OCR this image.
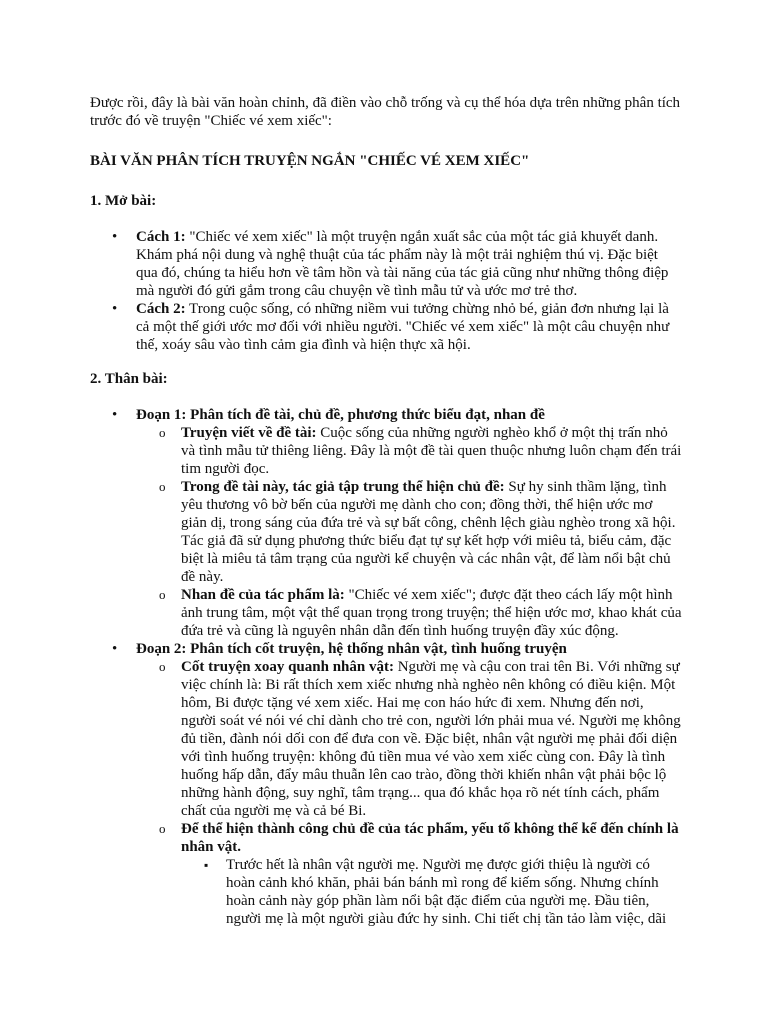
Được rồi, đây là bài văn hoàn chỉnh, đã điền vào chỗ trống và cụ thể hóa dựa trên những phân tích trước đó về truyện "Chiếc vé xem xiếc":

BÀI VĂN PHÂN TÍCH TRUYỆN NGẮN "CHIẾC VÉ XEM XIẾC"

1. Mở bài:

• Cách 1: "Chiếc vé xem xiếc" là một truyện ngắn xuất sắc của một tác giả khuyết danh. Khám phá nội dung và nghệ thuật của tác phẩm này là một trải nghiệm thú vị. Đặc biệt qua đó, chúng ta hiểu hơn về tâm hồn và tài năng của tác giả cũng như những thông điệp mà người đó gửi gắm trong câu chuyện về tình mẫu tử và ước mơ trẻ thơ.
• Cách 2: Trong cuộc sống, có những niềm vui tưởng chừng nhỏ bé, giản đơn nhưng lại là cả một thế giới ước mơ đối với nhiều người. "Chiếc vé xem xiếc" là một câu chuyện như thế, xoáy sâu vào tình cảm gia đình và hiện thực xã hội.

2. Thân bài:

• Đoạn 1: Phân tích đề tài, chủ đề, phương thức biểu đạt, nhan đề
o Truyện viết về đề tài: Cuộc sống của những người nghèo khổ ở một thị trấn nhỏ và tình mẫu tử thiêng liêng. Đây là một đề tài quen thuộc nhưng luôn chạm đến trái tim người đọc.
o Trong đề tài này, tác giả tập trung thể hiện chủ đề: Sự hy sinh thầm lặng, tình yêu thương vô bờ bến của người mẹ dành cho con; đồng thời, thể hiện ước mơ giản dị, trong sáng của đứa trẻ và sự bất công, chênh lệch giàu nghèo trong xã hội. Tác giả đã sử dụng phương thức biểu đạt tự sự kết hợp với miêu tả, biểu cảm, đặc biệt là miêu tả tâm trạng của người kể chuyện và các nhân vật, để làm nổi bật chủ đề này.
o Nhan đề của tác phẩm là: "Chiếc vé xem xiếc"; được đặt theo cách lấy một hình ảnh trung tâm, một vật thể quan trọng trong truyện; thể hiện ước mơ, khao khát của đứa trẻ và cũng là nguyên nhân dẫn đến tình huống truyện đầy xúc động.
• Đoạn 2: Phân tích cốt truyện, hệ thống nhân vật, tình huống truyện
o Cốt truyện xoay quanh nhân vật: Người mẹ và cậu con trai tên Bi. Với những sự việc chính là: Bi rất thích xem xiếc nhưng nhà nghèo nên không có điều kiện. Một hôm, Bi được tặng vé xem xiếc. Hai mẹ con háo hức đi xem. Nhưng đến nơi, người soát vé nói vé chỉ dành cho trẻ con, người lớn phải mua vé. Người mẹ không đủ tiền, đành nói dối con để đưa con về. Đặc biệt, nhân vật người mẹ phải đối diện với tình huống truyện: không đủ tiền mua vé vào xem xiếc cùng con. Đây là tình huống hấp dẫn, đẩy mâu thuẫn lên cao trào, đồng thời khiến nhân vật phải bộc lộ những hành động, suy nghĩ, tâm trạng... qua đó khắc họa rõ nét tính cách, phẩm chất của người mẹ và cả bé Bi.
o Để thể hiện thành công chủ đề của tác phẩm, yếu tố không thể kể đến chính là nhân vật.
▪ Trước hết là nhân vật người mẹ. Người mẹ được giới thiệu là người có hoàn cảnh khó khăn, phải bán bánh mì rong để kiếm sống. Nhưng chính hoàn cảnh này góp phần làm nổi bật đặc điểm của người mẹ. Đầu tiên, người mẹ là một người giàu đức hy sinh. Chi tiết chị tần tảo làm việc, dãi
